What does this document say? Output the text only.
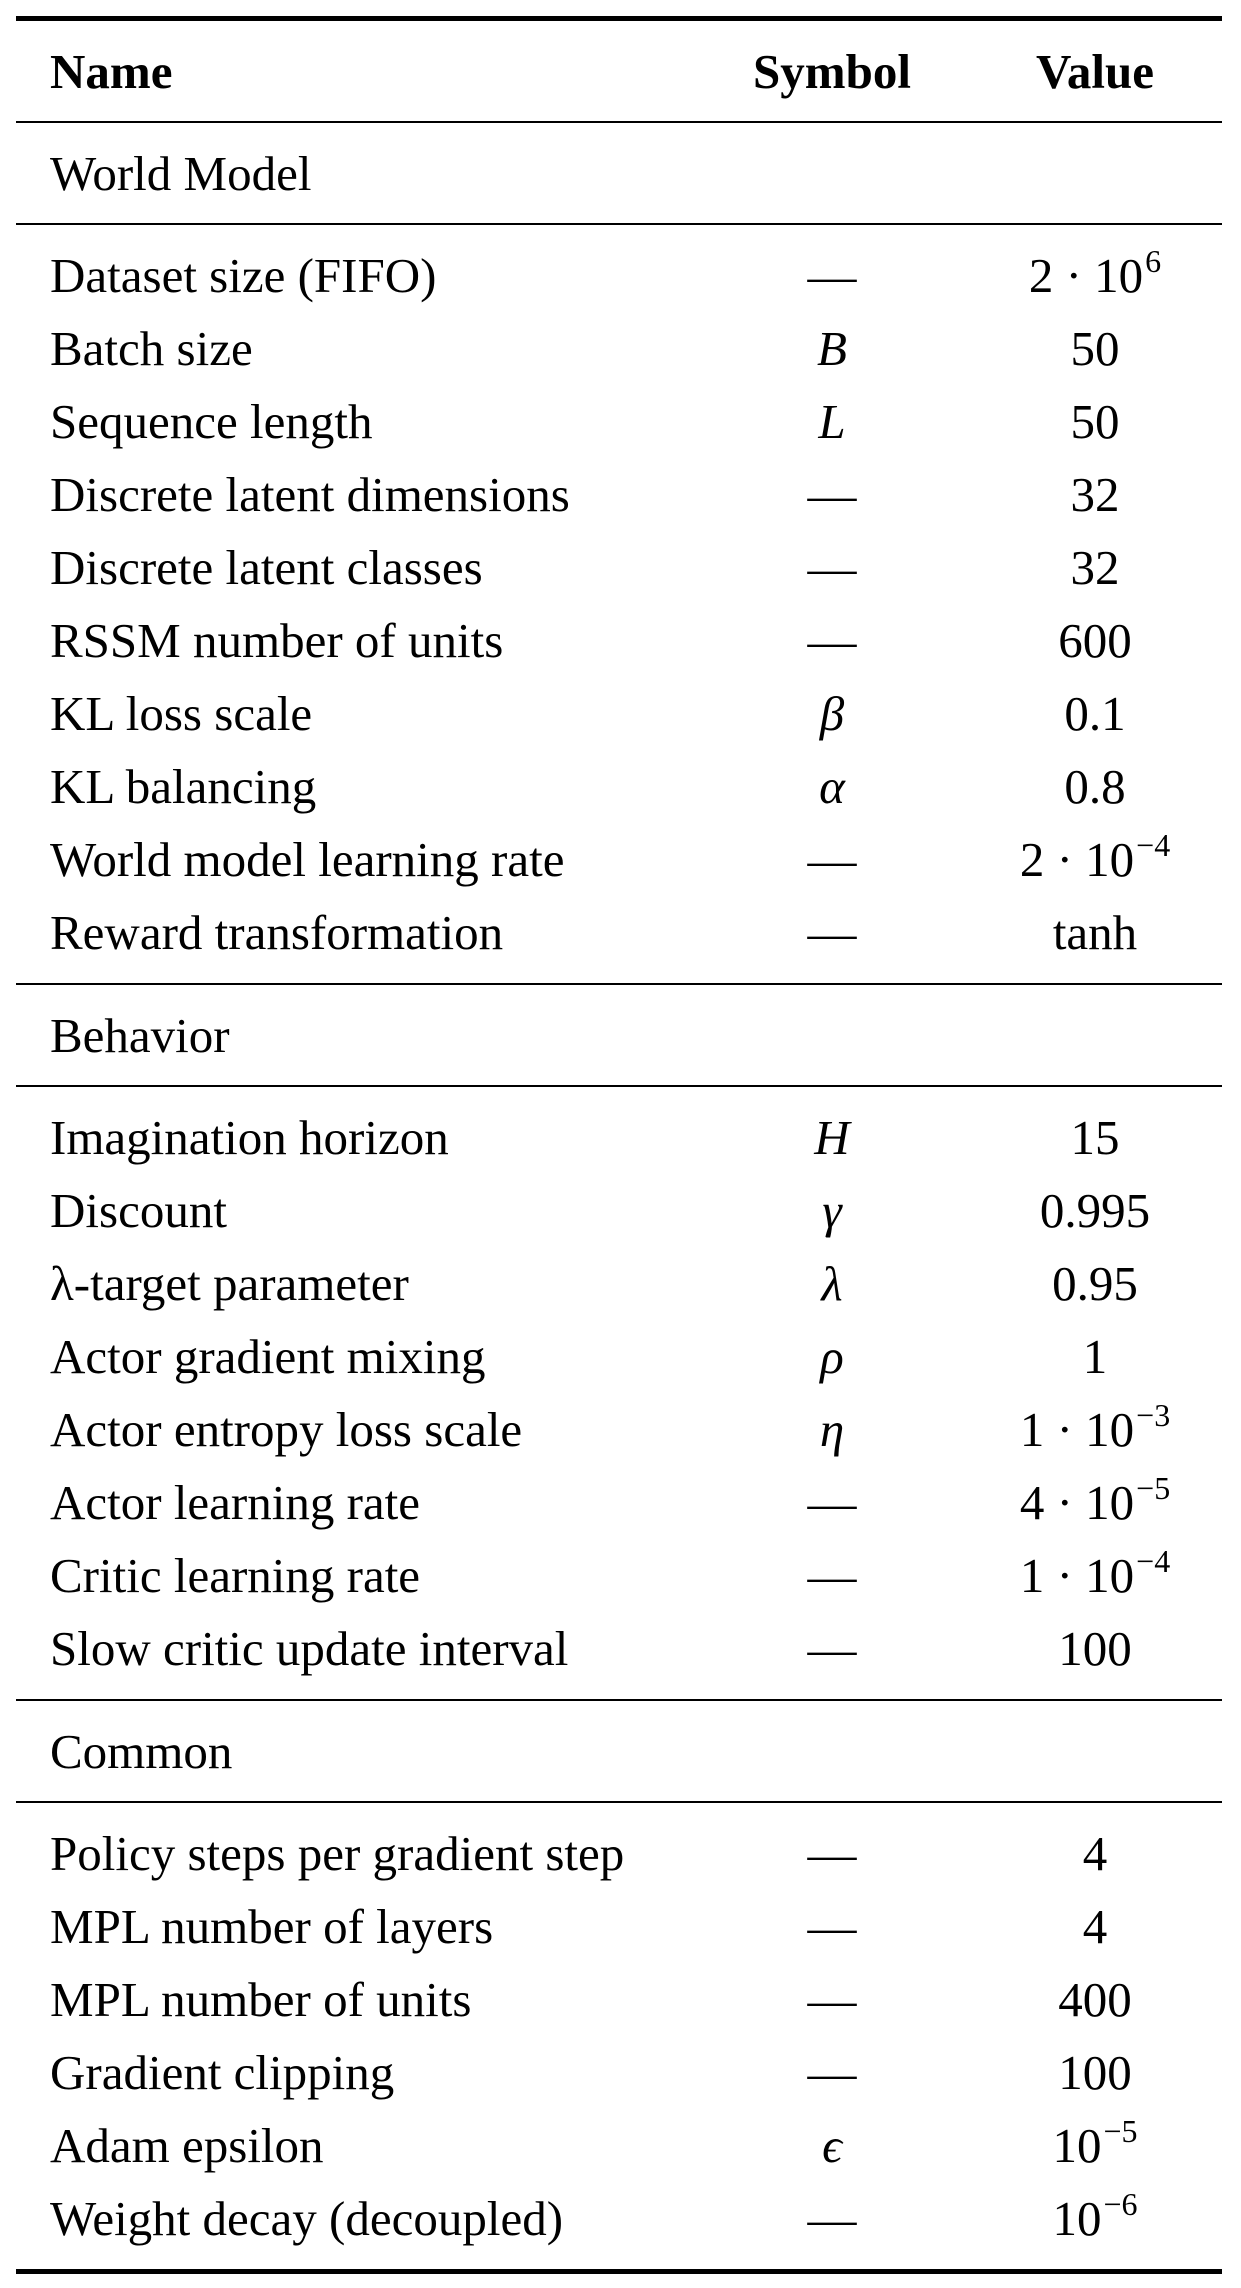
Name	Symbol	Value
World Model
Dataset size (FIFO)	—	$2 \cdot 10^6$
Batch size	B	50
Sequence length	L	50
Discrete latent dimensions	—	32
Discrete latent classes	—	32
RSSM number of units	—	600
KL loss scale	β	0.1
KL balancing	α	0.8
World model learning rate	—	$2 \cdot 10^{-4}$
Reward transformation	—	tanh
Behavior
Imagination horizon	H	15
Discount	γ	0.995
λ-target parameter	λ	0.95
Actor gradient mixing	ρ	1
Actor entropy loss scale	η	$1 \cdot 10^{-3}$
Actor learning rate	—	$4 \cdot 10^{-5}$
Critic learning rate	—	$1 \cdot 10^{-4}$
Slow critic update interval	—	100
Common
Policy steps per gradient step	—	4
MPL number of layers	—	4
MPL number of units	—	400
Gradient clipping	—	100
Adam epsilon	ϵ	$10^{-5}$
Weight decay (decoupled)	—	$10^{-6}$
